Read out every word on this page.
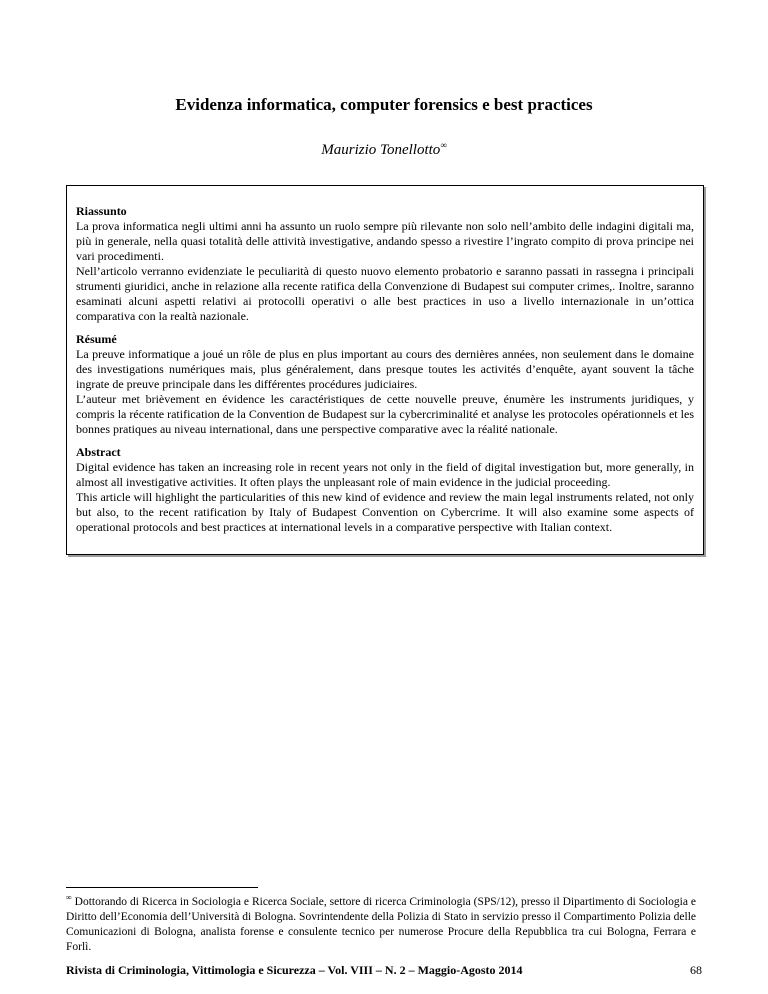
Evidenza informatica, computer forensics e best practices
Maurizio Tonellotto∞
Riassunto

La prova informatica negli ultimi anni ha assunto un ruolo sempre più rilevante non solo nell’ambito delle indagini digitali ma, più in generale, nella quasi totalità delle attività investigative, andando spesso a rivestire l’ingrato compito di prova principe nei vari procedimenti.

Nell’articolo verranno evidenziate le peculiarità di questo nuovo elemento probatorio e saranno passati in rassegna i principali strumenti giuridici, anche in relazione alla recente ratifica della Convenzione di Budapest sui computer crimes,. Inoltre, saranno esaminati alcuni aspetti relativi ai protocolli operativi o alle best practices in uso a livello internazionale in un’ottica comparativa con la realtà nazionale.

Résumé

La preuve informatique a joué un rôle de plus en plus important au cours des dernières années, non seulement dans le domaine des investigations numériques mais, plus généralement, dans presque toutes les activités d’enquête, ayant souvent la tâche ingrate de preuve principale dans les différentes procédures judiciaires.

L’auteur met brièvement en évidence les caractéristiques de cette nouvelle preuve, énumère les instruments juridiques, y compris la récente ratification de la Convention de Budapest sur la cybercriminalité et analyse les protocoles opérationnels et les bonnes pratiques au niveau international, dans une perspective comparative avec la réalité nationale.

Abstract

Digital evidence has taken an increasing role in recent years not only in the field of digital investigation but, more generally, in almost all investigative activities. It often plays the unpleasant role of main evidence in the judicial proceeding.

This article will highlight the particularities of this new kind of evidence and review the main legal instruments related, not only but also, to the recent ratification by Italy of Budapest Convention on Cybercrime. It will also examine some aspects of operational protocols and best practices at international levels in a comparative perspective with Italian context.

∞ Dottorando di Ricerca in Sociologia e Ricerca Sociale, settore di ricerca Criminologia (SPS/12), presso il Dipartimento di Sociologia e Diritto dell’Economia dell’Università di Bologna. Sovrintendente della Polizia di Stato in servizio presso il Compartimento Polizia delle Comunicazioni di Bologna, analista forense e consulente tecnico per numerose Procure della Repubblica tra cui Bologna, Ferrara e Forlì.
Rivista di Criminologia, Vittimologia e Sicurezza – Vol. VIII – N. 2 – Maggio-Agosto 2014	68
